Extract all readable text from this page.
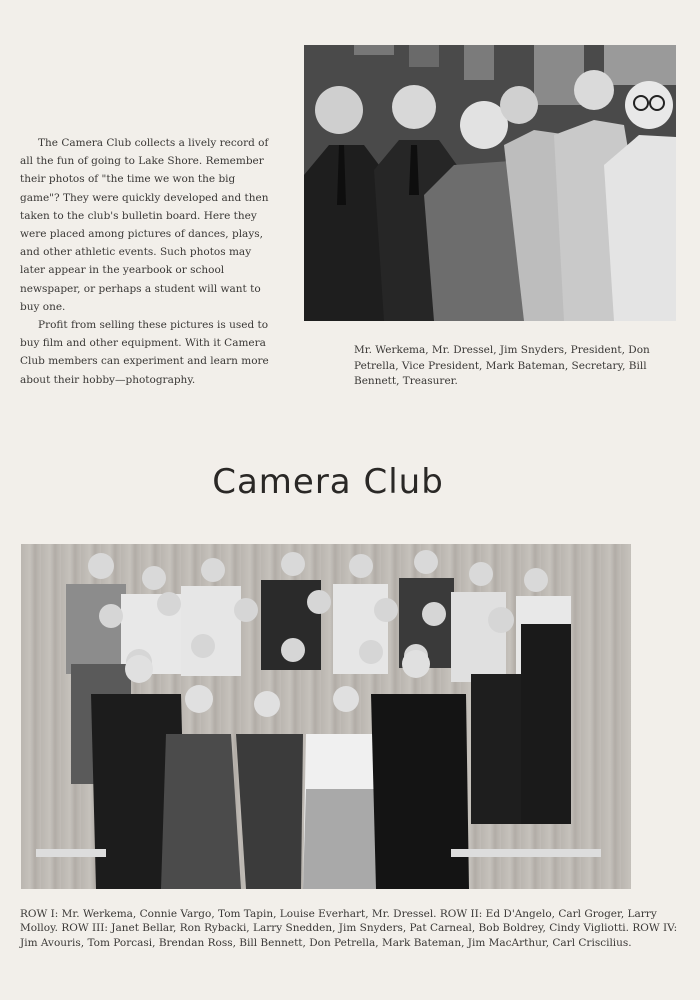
The Camera Club collects a lively record of all the fun of going to Lake Shore. Remember their photos of "the time we won the big game"? They were quickly developed and then taken to the club's bulletin board. Here they were placed among pictures of dances, plays, and other athletic events. Such photos may later appear in the yearbook or school newspaper, or perhaps a student will want to buy one.

Profit from selling these pictures is used to buy film and other equipment. With it Camera Club members can experiment and learn more about their hobby—photography.

Mr. Werkema, Mr. Dressel, Jim Snyders, President, Don Petrella, Vice President, Mark Bateman, Secretary, Bill Bennett, Treasurer.
Camera Club
ROW I: Mr. Werkema, Connie Vargo, Tom Tapin, Louise Everhart, Mr. Dressel. ROW II: Ed D'Angelo, Carl Groger, Larry Molloy. ROW III: Janet Bellar, Ron Rybacki, Larry Snedden, Jim Snyders, Pat Carneal, Bob Boldrey, Cindy Vigliotti. ROW IV: Jim Avouris, Tom Porcasi, Brendan Ross, Bill Bennett, Don Petrella, Mark Bateman, Jim MacArthur, Carl Criscilius.
